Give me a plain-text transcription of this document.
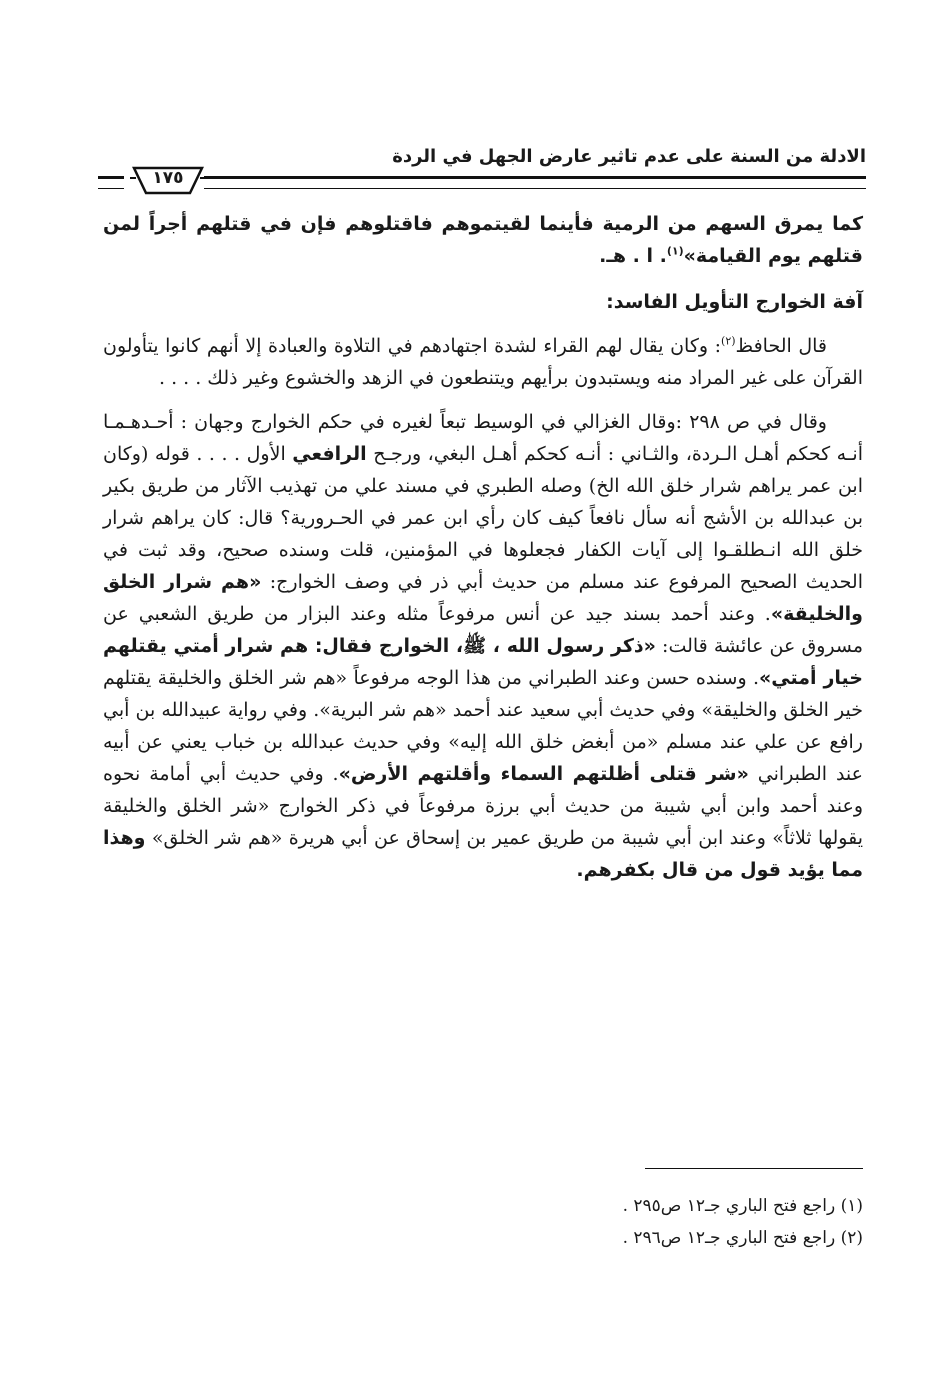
الادلة من السنة على عدم تاثير عارض الجهل في الردة
١٧٥

كما يمرق السهم من الرمية فأينما لقيتموهم فاقتلوهم فإن في قتلهم أجراً لمن قتلهم يوم القيامة»$^{(١)}$. ا . هـ.

آفة الخوارج التأويل الفاسد:

قال الحافظ$^{(٢)}$: وكان يقال لهم القراء لشدة اجتهادهم في التلاوة والعبادة إلا أنهم كانوا يتأولون القرآن على غير المراد منه ويستبدون برأيهم ويتنطعون في الزهد والخشوع وغير ذلك . . . .

وقال في ص ٢٩٨ :وقال الغزالي في الوسيط تبعاً لغيره في حكم الخوارج وجهان : أحـدهـمـا أنـه كحكم أهـل الـردة، والثـاني : أنـه كحكم أهـل البغي، ورجـح الرافعي الأول . . . . قوله (وكان ابن عمر يراهم شرار خلق الله الخ) وصله الطبري في مسند علي من تهذيب الآثار من طريق بكير بن عبدالله بن الأشج أنه سأل نافعاً كيف كان رأي ابن عمر في الحـرورية؟ قال: كان يراهم شرار خلق الله انـطلقـوا إلى آيات الكفار فجعلوها في المؤمنين، قلت وسنده صحيح، وقد ثبت في الحديث الصحيح المرفوع عند مسلم من حديث أبي ذر في وصف الخوارج: «هم شرار الخلق والخليقة». وعند أحمد بسند جيد عن أنس مرفوعاً مثله وعند البزار من طريق الشعبي عن مسروق عن عائشة قالت: «ذكر رسول الله ، ﷺ، الخوارج فقال: هم شرار أمتي يقتلهم خيار أمتي». وسنده حسن وعند الطبراني من هذا الوجه مرفوعاً «هم شر الخلق والخليقة يقتلهم خير الخلق والخليقة» وفي حديث أبي سعيد عند أحمد «هم شر البرية». وفي رواية عبيدالله بن أبي رافع عن علي عند مسلم «من أبغض خلق الله إليه» وفي حديث عبدالله بن خباب يعني عن أبيه عند الطبراني «شر قتلى أظلتهم السماء وأقلتهم الأرض». وفي حديث أبي أمامة نحوه وعند أحمد وابن أبي شيبة من حديث أبي برزة مرفوعاً في ذكر الخوارج «شر الخلق والخليقة يقولها ثلاثاً» وعند ابن أبي شيبة من طريق عمير بن إسحاق عن أبي هريرة «هم شر الخلق» وهذا مما يؤيد قول من قال بكفرهم.

(١) راجع فتح الباري جـ١٢ ص٢٩٥ .
(٢) راجع فتح الباري جـ١٢ ص٢٩٦ .
